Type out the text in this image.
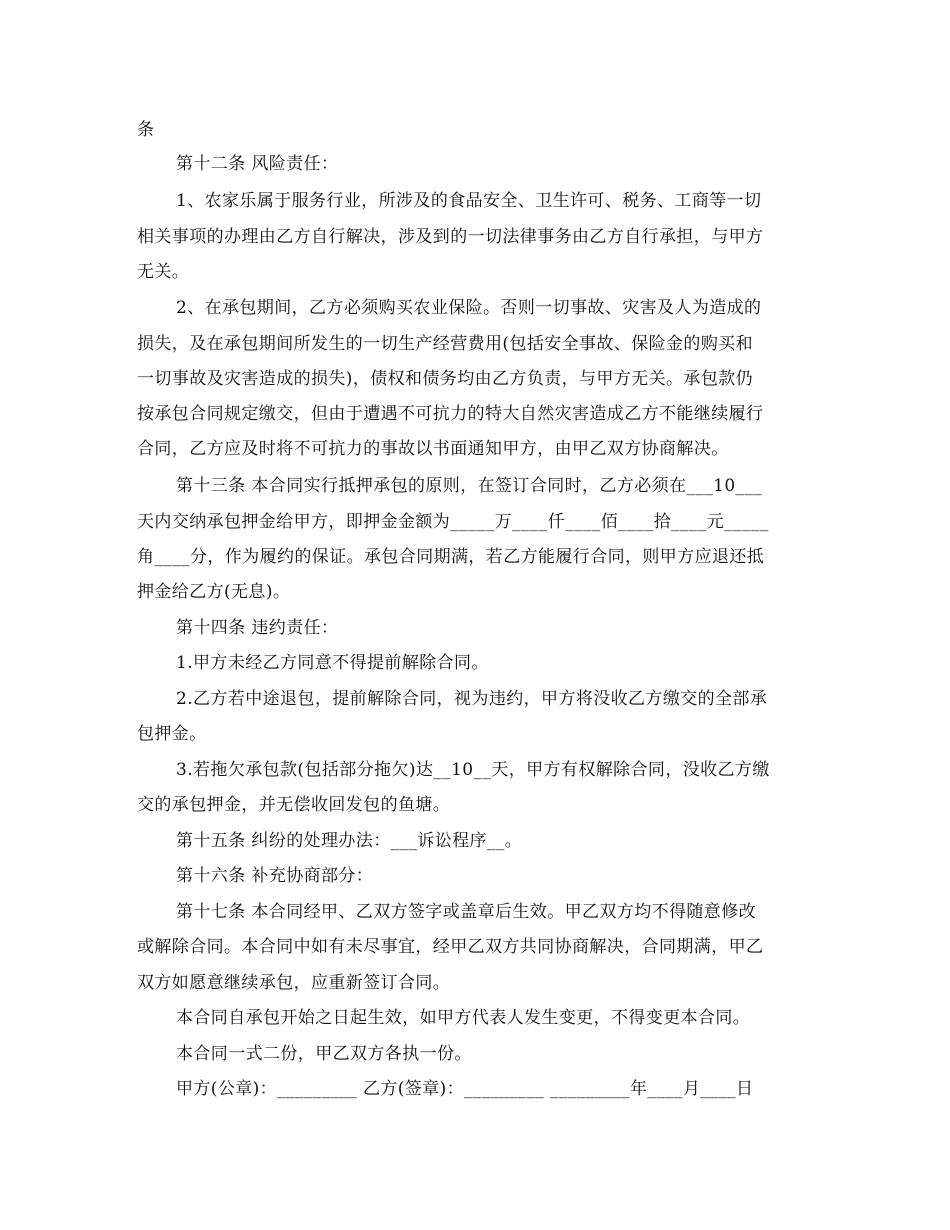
条
第十二条 风险责任：
1、农家乐属于服务行业，所涉及的食品安全、卫生许可、税务、工商等一切
相关事项的办理由乙方自行解决，涉及到的一切法律事务由乙方自行承担，与甲方
无关。
2、在承包期间，乙方必须购买农业保险。否则一切事故、灾害及人为造成的
损失，及在承包期间所发生的一切生产经营费用(包括安全事故、保险金的购买和
一切事故及灾害造成的损失)，债权和债务均由乙方负责，与甲方无关。承包款仍
按承包合同规定缴交，但由于遭遇不可抗力的特大自然灾害造成乙方不能继续履行
合同，乙方应及时将不可抗力的事故以书面通知甲方，由甲乙双方协商解决。
第十三条 本合同实行抵押承包的原则，在签订合同时，乙方必须在___10___
天内交纳承包押金给甲方，即押金金额为_____万____仟____佰____拾____元_____
角____分，作为履约的保证。承包合同期满，若乙方能履行合同，则甲方应退还抵
押金给乙方(无息)。
第十四条 违约责任：
1.甲方未经乙方同意不得提前解除合同。
2.乙方若中途退包，提前解除合同，视为违约，甲方将没收乙方缴交的全部承
包押金。
3.若拖欠承包款(包括部分拖欠)达__10__天，甲方有权解除合同，没收乙方缴
交的承包押金，并无偿收回发包的鱼塘。
第十五条 纠纷的处理办法：___诉讼程序__。
第十六条 补充协商部分：
第十七条 本合同经甲、乙双方签字或盖章后生效。甲乙双方均不得随意修改
或解除合同。本合同中如有未尽事宜，经甲乙双方共同协商解决，合同期满，甲乙
双方如愿意继续承包，应重新签订合同。
本合同自承包开始之日起生效，如甲方代表人发生变更，不得变更本合同。
本合同一式二份，甲乙双方各执一份。
甲方(公章)：_________ 乙方(签章)：_________ _________年____月____日
